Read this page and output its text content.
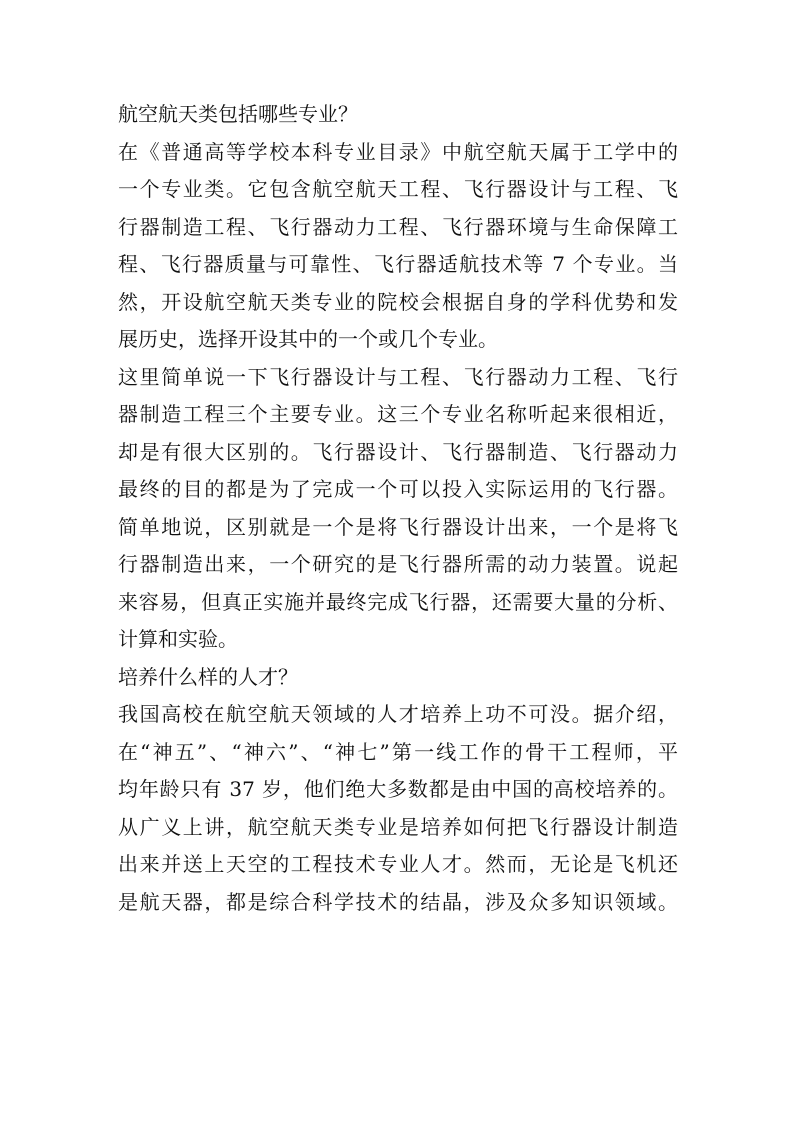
航空航天类包括哪些专业？
在《普通高等学校本科专业目录》中航空航天属于工学中的
一个专业类。它包含航空航天工程、飞行器设计与工程、飞
行器制造工程、飞行器动力工程、飞行器环境与生命保障工
程、飞行器质量与可靠性、飞行器适航技术等 7 个专业。当
然，开设航空航天类专业的院校会根据自身的学科优势和发
展历史，选择开设其中的一个或几个专业。
这里简单说一下飞行器设计与工程、飞行器动力工程、飞行
器制造工程三个主要专业。这三个专业名称听起来很相近，
却是有很大区别的。飞行器设计、飞行器制造、飞行器动力
最终的目的都是为了完成一个可以投入实际运用的飞行器。
简单地说，区别就是一个是将飞行器设计出来，一个是将飞
行器制造出来，一个研究的是飞行器所需的动力装置。说起
来容易，但真正实施并最终完成飞行器，还需要大量的分析、
计算和实验。
培养什么样的人才？
我国高校在航空航天领域的人才培养上功不可没。据介绍，
在“神五”、“神六”、“神七”第一线工作的骨干工程师，平
均年龄只有 37 岁，他们绝大多数都是由中国的高校培养的。
从广义上讲，航空航天类专业是培养如何把飞行器设计制造
出来并送上天空的工程技术专业人才。然而，无论是飞机还
是航天器，都是综合科学技术的结晶，涉及众多知识领域。
